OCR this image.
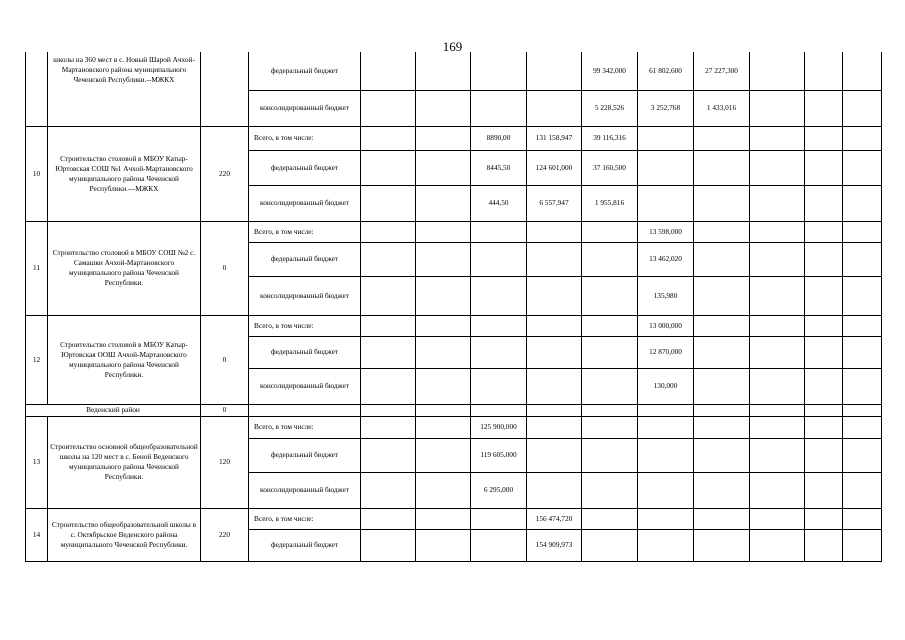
169
	школы на 360 мест в с. Новый Шарой Ачхой-Мартановского района муниципального Чеченской Республики.--МЖКХ		федеральный бюджет					99 342,000	61 802,600	27 227,300			
			консолидированный бюджет					5 228,526	3 252,768	1 433,016			
10	Строительство столовой в МБОУ Катыр-Юртовская СОШ №1 Ачхой-Мартановского муниципального района Чеченской Республики.---МЖКХ	220	Всего, в том числе:			8890,00	131 158,947	39 116,316					
			федеральный бюджет			8445,50	124 601,000	37 160,500					
			консолидированный бюджет			444,50	6 557,947	1 955,816					
11	Строительство столовой в МБОУ СОШ №2 с. Самашки Ачхой-Мартановского муниципального района Чеченской Республики.	0	Всего, в том числе:						13 598,000				
			федеральный бюджет						13 462,020				
			консолидированный бюджет						135,980				
12	Строительство столовой в МБОУ Катыр-Юртовская ООШ Ачхой-Мартановского муниципального района Чеченской Республики.	0	Всего, в том числе:						13 000,000				
			федеральный бюджет						12 870,000				
			консолидированный бюджет						130,000				
Веденский район		0											
13	Строительство основной общеобразовательной школы на 120 мест в с. Беной Веденского муниципального района Чеченской Республики.	120	Всего, в том числе:			125 900,000							
			федеральный бюджет			119 605,000							
			консолидированный бюджет			6 295,000							
14	Строительство общеобразовательной школы в с. Октябрьское Веденского района муниципального Чеченской Республики.	220	Всего, в том числе:				156 474,720						
			федеральный бюджет				154 909,973						
